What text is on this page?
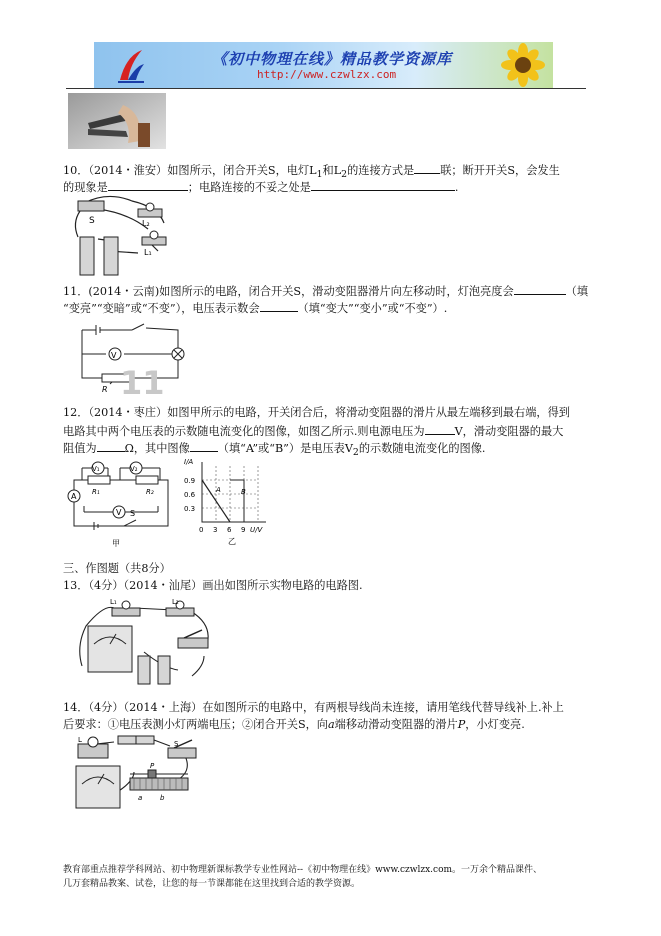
《初中物理在线》精品教学资源库
http://www.czwlzx.com
10．（2014・淮安）如图所示，闭合开关S，电灯$L_1$和$L_2$的连接方式是 联；断开开关S，会发生
的现象是	；电路连接的不妥之处是	.
S	L₂
L₁
11．(2014・云南)如图所示的电路，闭合开关S，滑动变阻器滑片向左移动时，灯泡亮度会	（填
“变亮”“变暗”或“不变”），电压表示数会	（填“变大”“变小”或“不变”）.
V
R 11
12．（2014・枣庄）如图甲所示的电路，开关闭合后，将滑动变阻器的滑片从最左端移到最右端，得到
电路其中两个电压表的示数随电流变化的图像，如图乙所示.则电源电压为	V，滑动变阻器的最大
阻值为	Ω，其中图像	（填“A”或“B”）是电压表$V_2$的示数随电流变化的图像.
V₁	V₂
A R₁	R₂
V S
甲
I/A
0.9
0.6
0.3
0 3 6 9 U/V
A	B
乙
三、作图题（共8分）
13．（4分）（2014・汕尾）画出如图所示实物电路的电路图.
L₁	L₂
14．（4分）（2014・上海）在如图所示的电路中，有两根导线尚未连接，请用笔线代替导线补上.补上
后要求：①电压表测小灯两端电压；②闭合开关S，向a端移动滑动变阻器的滑片P，小灯变亮.
L	S
P
a	b
教育部重点推荐学科网站、初中物理新课标教学专业性网站--《初中物理在线》www.czwlzx.com。一万余个精品课件、
几万套精品教案、试卷，让您的每一节课都能在这里找到合适的教学资源。
